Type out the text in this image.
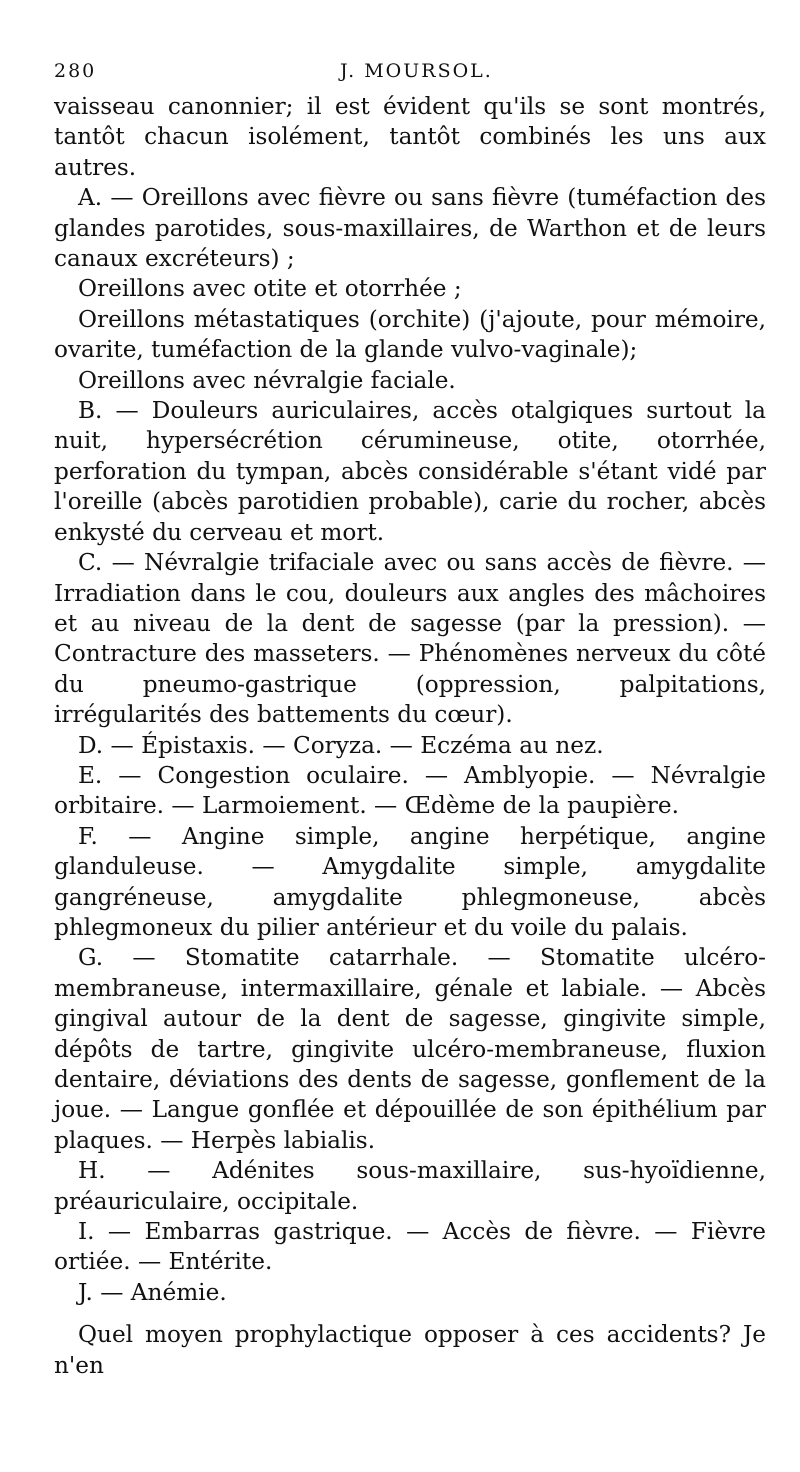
280	J. MOURSOL.

vaisseau canonnier; il est évident qu'ils se sont montrés, tantôt chacun isolément, tantôt combinés les uns aux autres.

A. — Oreillons avec fièvre ou sans fièvre (tuméfaction des glandes parotides, sous-maxillaires, de Warthon et de leurs canaux excréteurs) ;

Oreillons avec otite et otorrhée ;

Oreillons métastatiques (orchite) (j'ajoute, pour mémoire, ovarite, tuméfaction de la glande vulvo-vaginale);

Oreillons avec névralgie faciale.

B. — Douleurs auriculaires, accès otalgiques surtout la nuit, hypersécrétion cérumineuse, otite, otorrhée, perforation du tympan, abcès considérable s'étant vidé par l'oreille (abcès parotidien probable), carie du rocher, abcès enkysté du cerveau et mort.

C. — Névralgie trifaciale avec ou sans accès de fièvre. — Irradiation dans le cou, douleurs aux angles des mâchoires et au niveau de la dent de sagesse (par la pression). — Contracture des masseters. — Phénomènes nerveux du côté du pneumo-gastrique (oppression, palpitations, irrégularités des battements du cœur).

D. — Épistaxis. — Coryza. — Eczéma au nez.

E. — Congestion oculaire. — Amblyopie. — Névralgie orbitaire. — Larmoiement. — Œdème de la paupière.

F. — Angine simple, angine herpétique, angine glanduleuse. — Amygdalite simple, amygdalite gangréneuse, amygdalite phlegmoneuse, abcès phlegmoneux du pilier antérieur et du voile du palais.

G. — Stomatite catarrhale. — Stomatite ulcéro-membraneuse, intermaxillaire, génale et labiale. — Abcès gingival autour de la dent de sagesse, gingivite simple, dépôts de tartre, gingivite ulcéro-membraneuse, fluxion dentaire, déviations des dents de sagesse, gonflement de la joue. — Langue gonflée et dépouillée de son épithélium par plaques. — Herpès labialis.

H. — Adénites sous-maxillaire, sus-hyoïdienne, préauriculaire, occipitale.

I. — Embarras gastrique. — Accès de fièvre. — Fièvre ortiée. — Entérite.

J. — Anémie.

Quel moyen prophylactique opposer à ces accidents? Je n'en
